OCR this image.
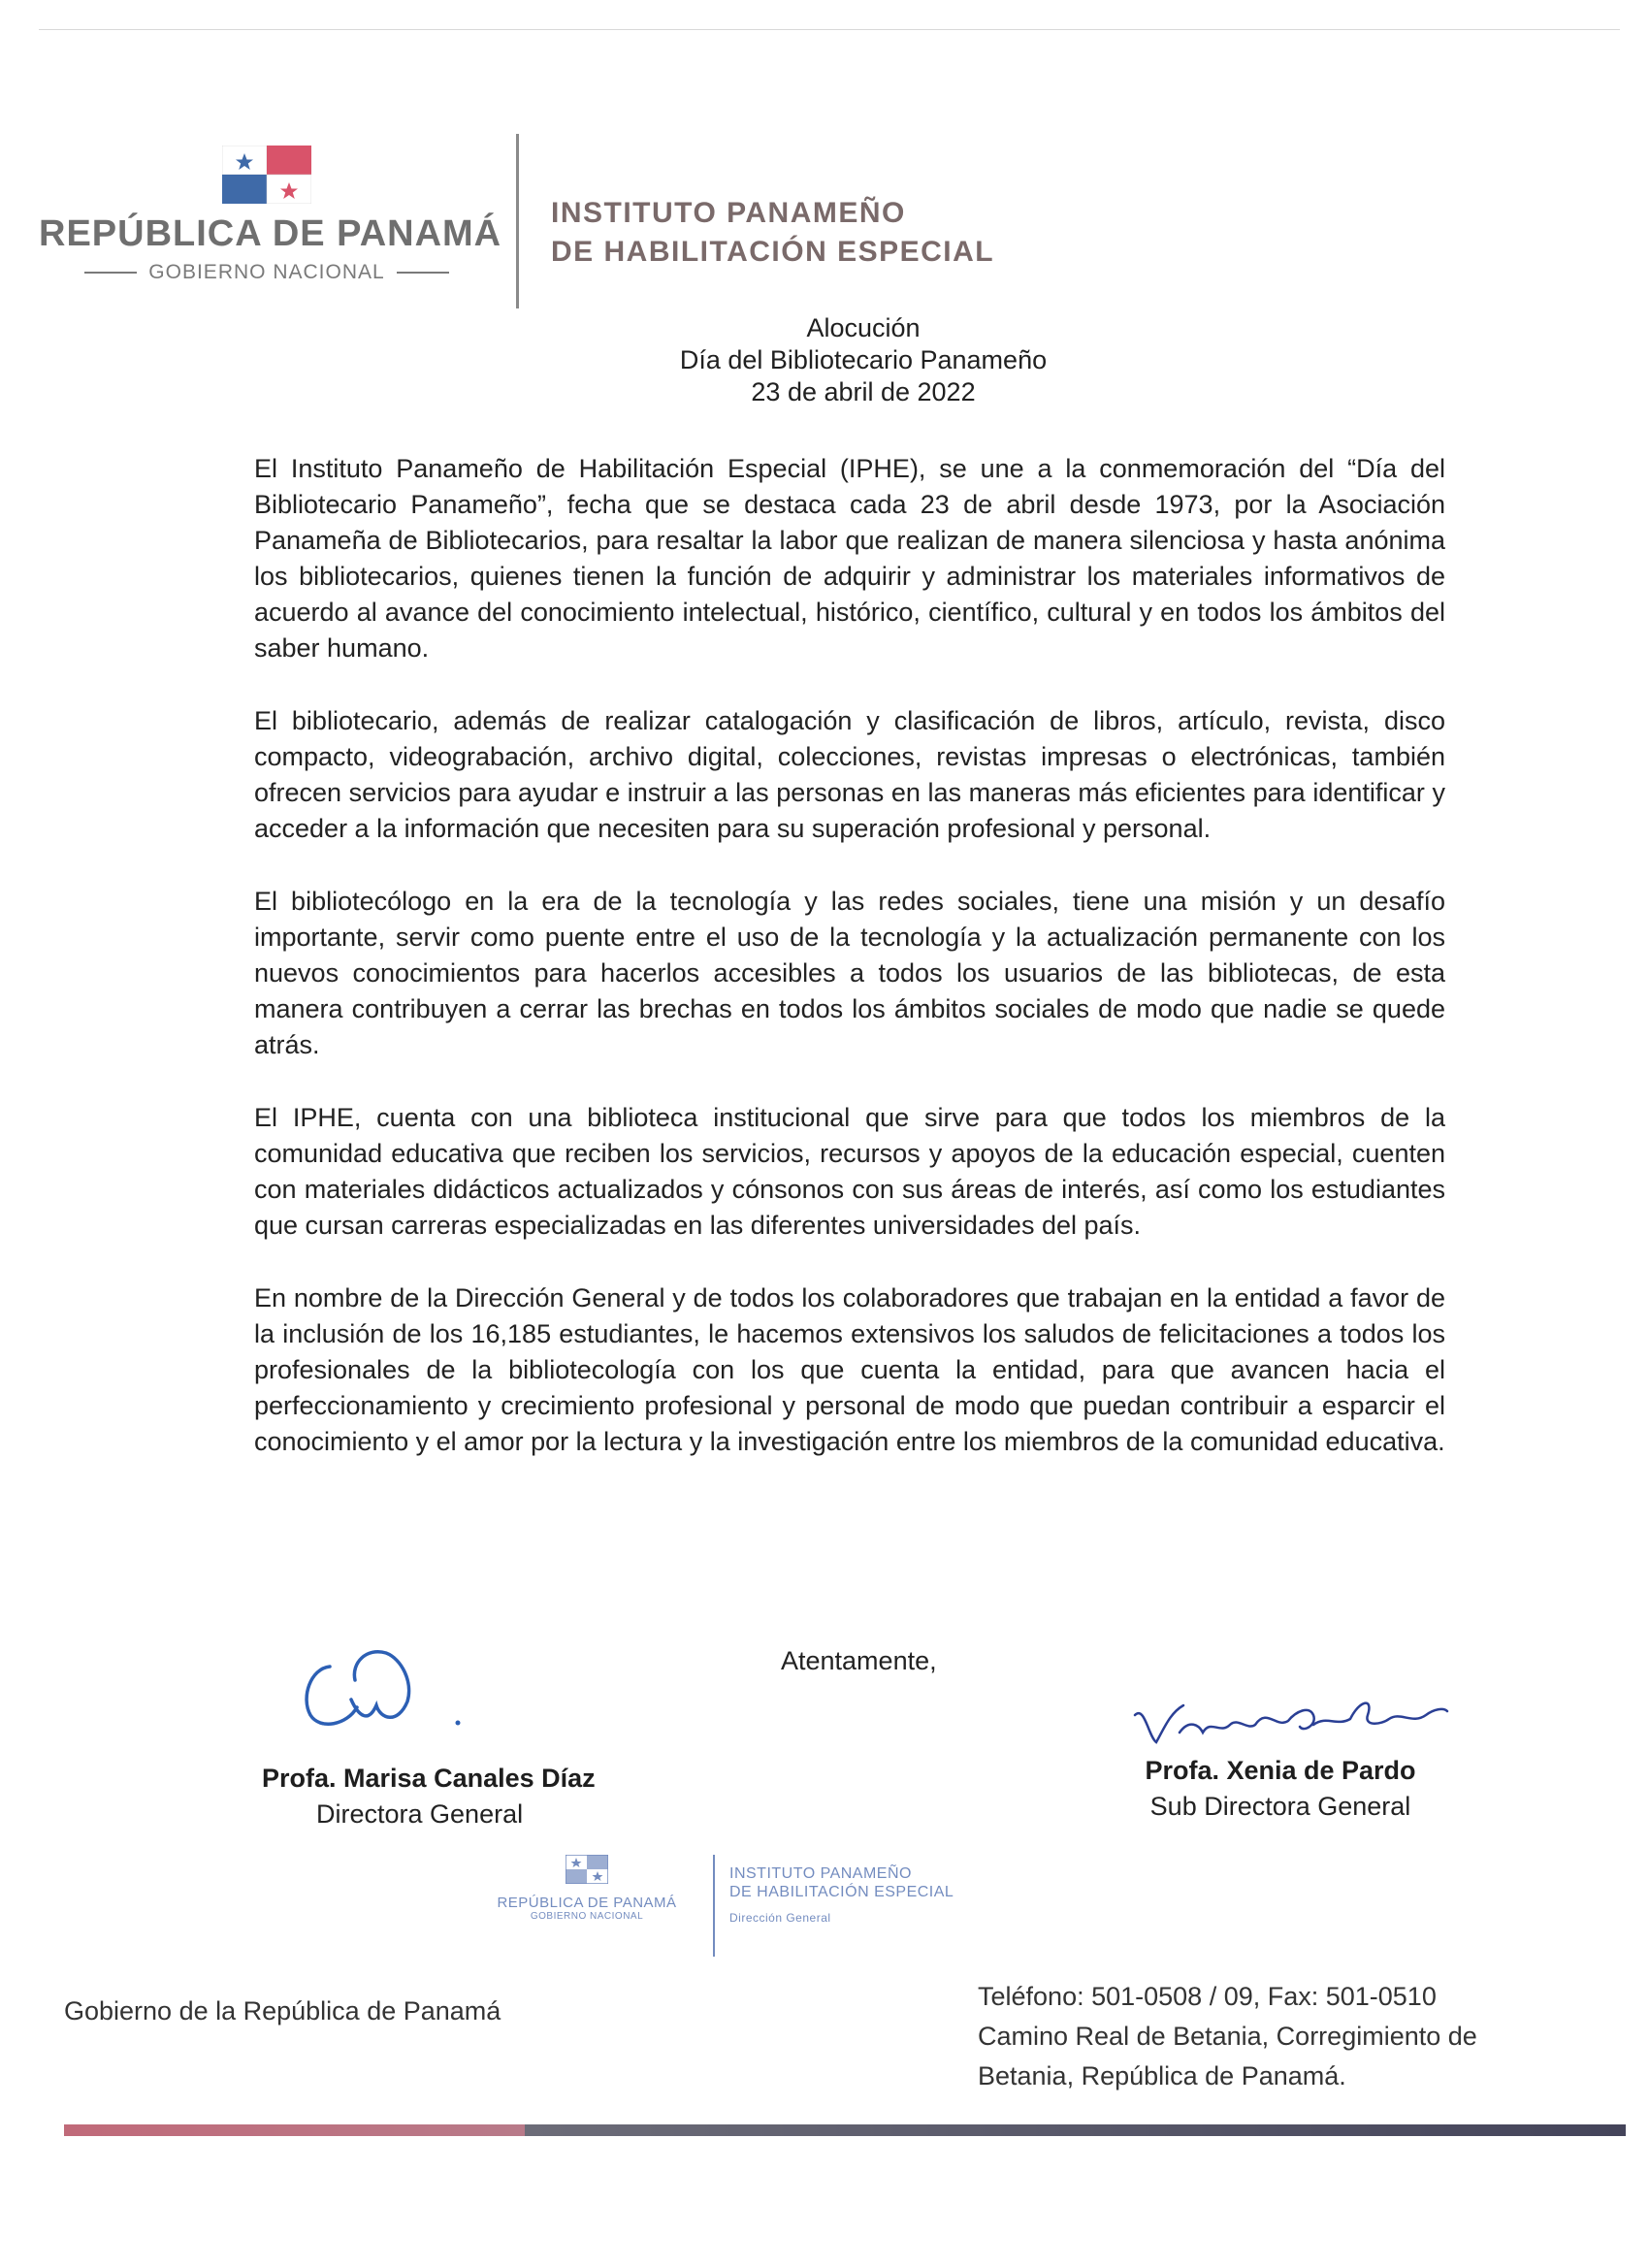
REPÚBLICA DE PANAMÁ
GOBIERNO NACIONAL
INSTITUTO PANAMEÑO
DE HABILITACIÓN ESPECIAL
Alocución
Día del Bibliotecario Panameño
23 de abril de 2022

El Instituto Panameño de Habilitación Especial (IPHE), se une a la conmemoración del “Día del Bibliotecario Panameño”, fecha que se destaca cada 23 de abril desde 1973, por la Asociación Panameña de Bibliotecarios, para resaltar la labor que realizan de manera silenciosa y hasta anónima los bibliotecarios, quienes tienen la función de adquirir y administrar los materiales informativos de acuerdo al avance del conocimiento intelectual, histórico, científico, cultural y en todos los ámbitos del saber humano.

El bibliotecario, además de realizar catalogación y clasificación de libros, artículo, revista, disco compacto, videograbación, archivo digital, colecciones, revistas impresas o electrónicas, también ofrecen servicios para ayudar e instruir a las personas en las maneras más eficientes para identificar y acceder a la información que necesiten para su superación profesional y personal.

El bibliotecólogo en la era de la tecnología y las redes sociales, tiene una misión y un desafío importante, servir como puente entre el uso de la tecnología y la actualización permanente con los nuevos conocimientos para hacerlos accesibles a todos los usuarios de las bibliotecas, de esta manera contribuyen a cerrar las brechas en todos los ámbitos sociales de modo que nadie se quede atrás.

El IPHE, cuenta con una biblioteca institucional que sirve para que todos los miembros de la comunidad educativa que reciben los servicios, recursos y apoyos de la educación especial, cuenten con materiales didácticos actualizados y cónsonos con sus áreas de interés, así como los estudiantes que cursan carreras especializadas en las diferentes universidades del país.

En nombre de la Dirección General y de todos los colaboradores que trabajan en la entidad a favor de la inclusión de los 16,185 estudiantes, le hacemos extensivos los saludos de felicitaciones a todos los profesionales de la bibliotecología con los que cuenta la entidad, para que avancen hacia el perfeccionamiento y crecimiento profesional y personal de modo que puedan contribuir a esparcir el conocimiento y el amor por la lectura y la investigación entre los miembros de la comunidad educativa.

Atentamente,
Profa. Marisa Canales Díaz
Directora General
Profa. Xenia de Pardo
Sub Directora General
REPÚBLICA DE PANAMÁ
GOBIERNO NACIONAL
INSTITUTO PANAMEÑO
DE HABILITACIÓN ESPECIAL
Dirección General
Gobierno de la República de Panamá	Teléfono: 501-0508 / 09, Fax: 501-0510
Camino Real de Betania, Corregimiento de
Betania, República de Panamá.
